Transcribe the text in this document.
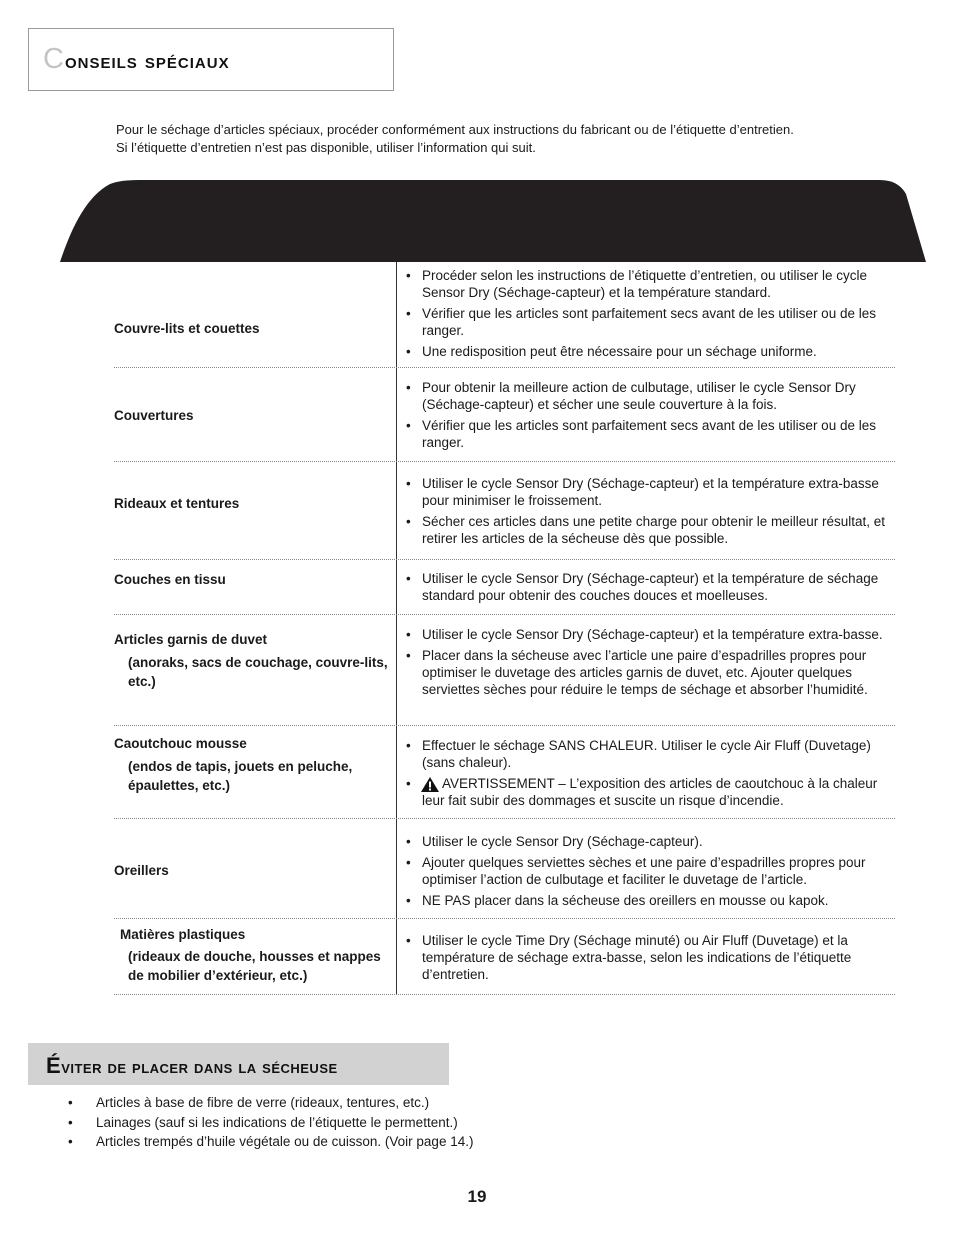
Conseils spéciaux

Pour le séchage d’articles spéciaux, procéder conformément aux instructions du fabricant ou de l’étiquette d’entretien.

Si l’étiquette d’entretien n’est pas disponible, utiliser l’information qui suit.

Couvre-lits et couettes
• Procéder selon les instructions de l’étiquette d’entretien, ou utiliser le cycle Sensor Dry (Séchage-capteur) et la température standard.
• Vérifier que les articles sont parfaitement secs avant de les utiliser ou de les ranger.
• Une redisposition peut être nécessaire pour un séchage uniforme.
Couvertures
• Pour obtenir la meilleure action de culbutage, utiliser le cycle Sensor Dry (Séchage-capteur) et sécher une seule couverture à la fois.
• Vérifier que les articles sont parfaitement secs avant de les utiliser ou de les ranger.
Rideaux et tentures
• Utiliser le cycle Sensor Dry (Séchage-capteur) et la température extra-basse pour minimiser le froissement.
• Sécher ces articles dans une petite charge pour obtenir le meilleur résultat, et retirer les articles de la sécheuse dès que possible.
Couches en tissu
•	Utiliser le cycle Sensor Dry (Séchage-capteur) et la température de séchage standard pour obtenir des couches douces et moelleuses.
Articles garnis de duvet
(anoraks, sacs de couchage, couvre-lits, etc.)
• Utiliser le cycle Sensor Dry (Séchage-capteur) et la température extra-basse.
• Placer dans la sécheuse avec l’article une paire d’espadrilles propres pour optimiser le duvetage des articles garnis de duvet, etc. Ajouter quelques serviettes sèches pour réduire le temps de séchage et absorber l’humidité.
Caoutchouc mousse
(endos de tapis, jouets en peluche, épaulettes, etc.)
• Effectuer le séchage SANS CHALEUR. Utiliser le cycle Air Fluff (Duvetage) (sans chaleur).
• AVERTISSEMENT – L’exposition des articles de caoutchouc à la chaleur leur fait subir des dommages et suscite un risque d’incendie.
Oreillers
• Utiliser le cycle Sensor Dry (Séchage-capteur).
• Ajouter quelques serviettes sèches et une paire d’espadrilles propres pour optimiser l’action de culbutage et faciliter le duvetage de l’article.
• NE PAS placer dans la sécheuse des oreillers en mousse ou kapok.
Matières plastiques
(rideaux de douche, housses et nappes de mobilier d’extérieur, etc.)
• Utiliser le cycle Time Dry (Séchage minuté) ou Air Fluff (Duvetage) et la température de séchage extra-basse, selon les indications de l’étiquette d’entretien.
Éviter de placer dans la sécheuse
• Articles à base de fibre de verre (rideaux, tentures, etc.)
• Lainages (sauf si les indications de l’étiquette le permettent.)
• Articles trempés d’huile végétale ou de cuisson. (Voir page 14.)
19
